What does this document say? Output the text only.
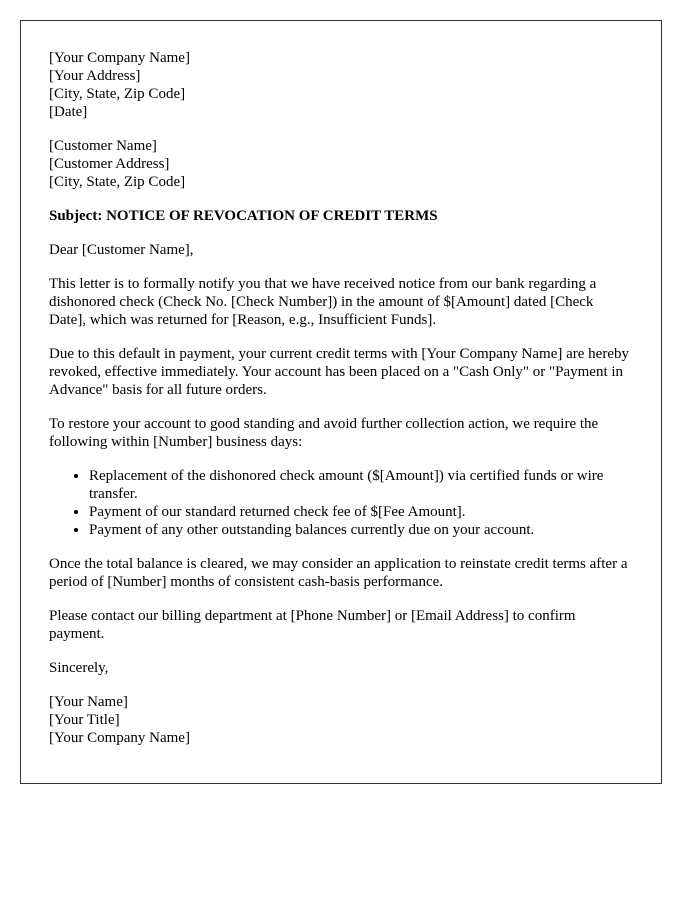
[Your Company Name]
[Your Address]
[City, State, Zip Code]
[Date]

[Customer Name]
[Customer Address]
[City, State, Zip Code]

Subject: NOTICE OF REVOCATION OF CREDIT TERMS

Dear [Customer Name],

This letter is to formally notify you that we have received notice from our bank regarding a dishonored check (Check No. [Check Number]) in the amount of $[Amount] dated [Check Date], which was returned for [Reason, e.g., Insufficient Funds].

Due to this default in payment, your current credit terms with [Your Company Name] are hereby revoked, effective immediately. Your account has been placed on a "Cash Only" or "Payment in Advance" basis for all future orders.

To restore your account to good standing and avoid further collection action, we require the following within [Number] business days:

• Replacement of the dishonored check amount ($[Amount]) via certified funds or wire transfer.
• Payment of our standard returned check fee of $[Fee Amount].
• Payment of any other outstanding balances currently due on your account.

Once the total balance is cleared, we may consider an application to reinstate credit terms after a period of [Number] months of consistent cash-basis performance.

Please contact our billing department at [Phone Number] or [Email Address] to confirm payment.

Sincerely,

[Your Name]
[Your Title]
[Your Company Name]
